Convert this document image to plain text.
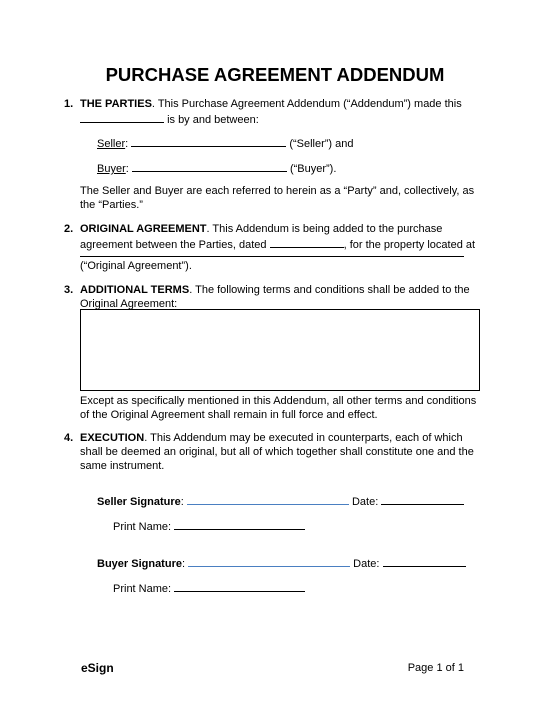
PURCHASE AGREEMENT ADDENDUM
1. THE PARTIES. This Purchase Agreement Addendum (“Addendum”) made this
is by and between:
Seller:	(“Seller”) and
Buyer:	(“Buyer”).
The Seller and Buyer are each referred to herein as a “Party” and, collectively, as the “Parties.”
2. ORIGINAL AGREEMENT. This Addendum is being added to the purchase agreement between the Parties, dated	, for the property located at
(“Original Agreement”).
3. ADDITIONAL TERMS. The following terms and conditions shall be added to the Original Agreement:
Except as specifically mentioned in this Addendum, all other terms and conditions of the Original Agreement shall remain in full force and effect.
4. EXECUTION. This Addendum may be executed in counterparts, each of which shall be deemed an original, but all of which together shall constitute one and the same instrument.
Seller Signature:	Date:
Print Name:
Buyer Signature:	Date:
Print Name:
eSign	Page 1 of 1
